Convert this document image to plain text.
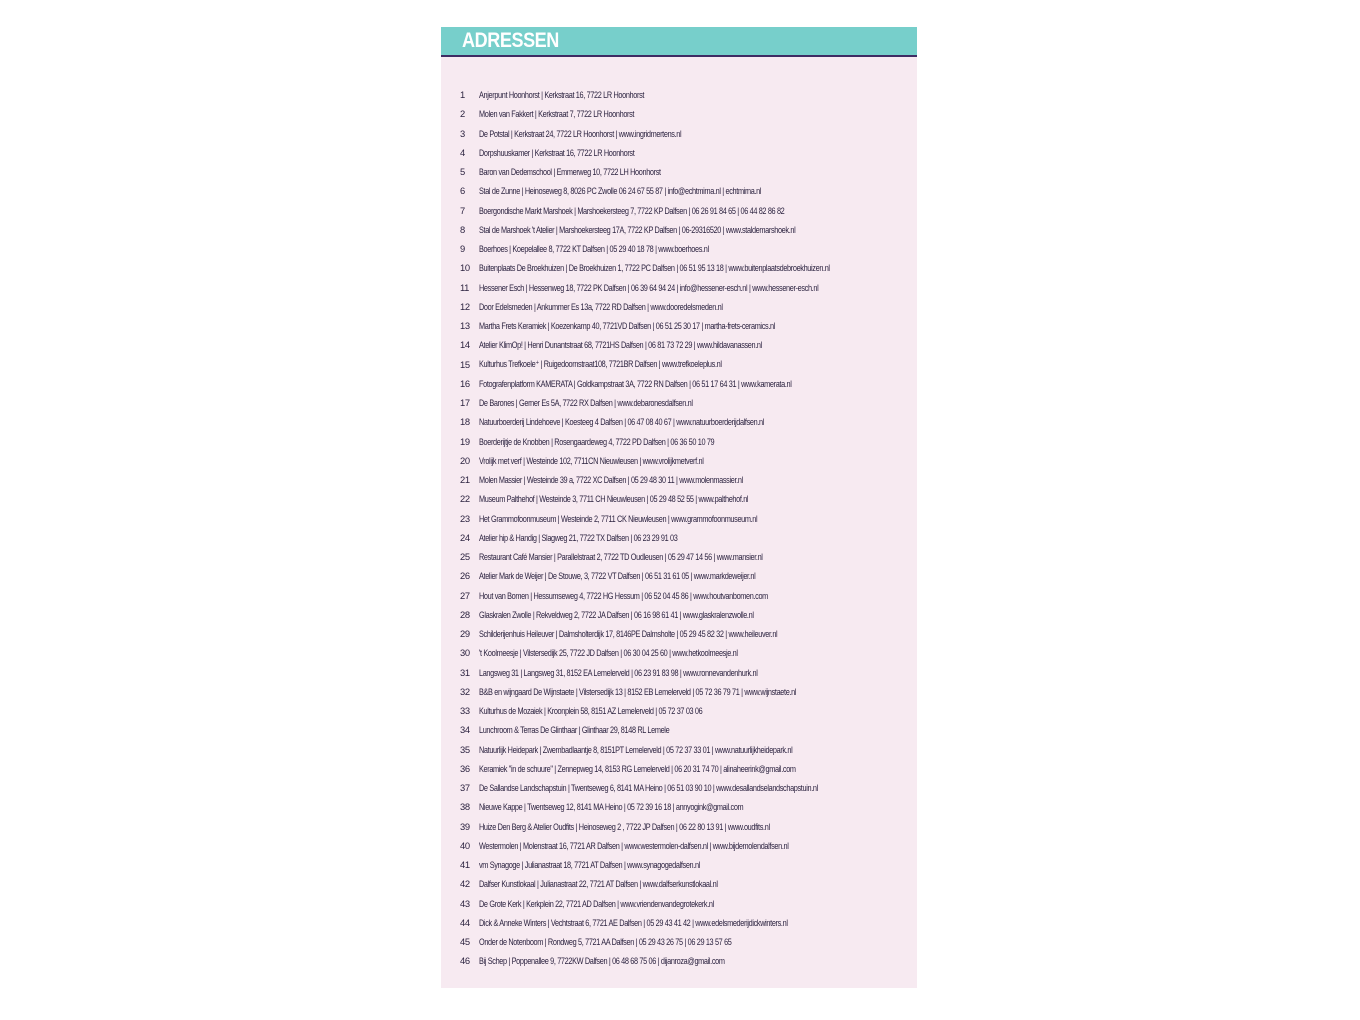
ADRESSEN
1	Anjerpunt Hoonhorst | Kerkstraat 16, 7722 LR Hoonhorst
2	Molen van Fakkert | Kerkstraat 7, 7722 LR Hoonhorst
3	De Potstal | Kerkstraat 24, 7722 LR Hoonhorst | www.ingridmertens.nl
4	Dorpshuuskamer | Kerkstraat 16, 7722 LR Hoonhorst
5	Baron van Dedemschool | Emmerweg 10, 7722 LH Hoonhorst
6	Stal de Zunne | Heinoseweg 8, 8026 PC Zwolle 06 24 67 55 87 | info@echtmirna.nl | echtmirna.nl
7	Boergondische Markt Marshoek | Marshoekersteeg 7, 7722 KP Dalfsen | 06 26 91 84 65 | 06 44 82 86 82
8	Stal de Marshoek 't Atelier | Marshoekersteeg 17A, 7722 KP Dalfsen | 06-29316520 | www.staldemarshoek.nl
9	Boerhoes | Koepelallee 8, 7722 KT Dalfsen | 05 29 40 18 78 | www.boerhoes.nl
10 Buitenplaats De Broekhuizen | De Broekhuizen 1, 7722 PC Dalfsen | 06 51 95 13 18 | www.buitenplaatsdebroekhuizen.nl
11	Hessener Esch | Hessenweg 18, 7722 PK Dalfsen | 06 39 64 94 24 | info@hessener-esch.nl | www.hessener-esch.nl
12 Door Edelsmeden | Ankummer Es 13a, 7722 RD Dalfsen | www.dooredelsmeden.nl
13 Martha Frets Keramiek | Koezenkamp 40, 7721VD Dalfsen | 06 51 25 30 17 | martha-frets-ceramics.nl
14 Atelier KlimOp! | Henri Dunantstraat 68, 7721HS Dalfsen | 06 81 73 72 29 | www.hildavanassen.nl
15 Kulturhus Trefkoele⁺ | Ruigedoornstraat108, 7721BR Dalfsen | www.trefkoeleplus.nl
16 Fotografenplatform KAMERATA | Goldkampstraat 3A, 7722 RN Dalfsen | 06 51 17 64 31 | www.kamerata.nl
17 De Barones | Gerner Es 5A, 7722 RX Dalfsen | www.debaronesdalfsen.nl
18 Natuurboerderij Lindehoeve | Koesteeg 4 Dalfsen | 06 47 08 40 67 | www.natuurboerderijdalfsen.nl
19 Boerderijtje de Knobben | Rosengaardeweg 4, 7722 PD Dalfsen | 06 36 50 10 79
20 Vrolijk met verf | Westeinde 102, 7711CN Nieuwleusen | www.vrolijkmetverf.nl
21 Molen Massier | Westeinde 39 a, 7722 XC Dalfsen | 05 29 48 30 11 | www.molenmassier.nl
22 Museum Palthehof | Westeinde 3, 7711 CH Nieuwleusen | 05 29 48 52 55 | www.palthehof.nl
23 Het Grammofoonmuseum | Westeinde 2, 7711 CK Nieuwleusen | www.grammofoonmuseum.nl
24 Atelier hip & Handig | Slagweg 21, 7722 TX Dalfsen | 06 23 29 91 03
25 Restaurant Café Mansier | Parallelstraat 2, 7722 TD Oudleusen | 05 29 47 14 56 | www.mansier.nl
26 Atelier Mark de Weijer | De Stouwe, 3, 7722 VT Dalfsen | 06 51 31 61 05 | www.markdeweijer.nl
27 Hout van Bomen | Hessumseweg 4, 7722 HG Hessum | 06 52 04 45 86 | www.houtvanbomen.com
28 Glaskralen Zwolle | Rekveldweg 2, 7722 JA Dalfsen | 06 16 98 61 41 | www.glaskralenzwolle.nl
29 Schilderijenhuis Heileuver | Dalmsholterdijk 17, 8146PE Dalmsholte | 05 29 45 82 32 | www.heileuver.nl
30 't Koolmeesje | Vilstersedijk 25, 7722 JD Dalfsen | 06 30 04 25 60 | www.hetkoolmeesje.nl
31 Langsweg 31 | Langsweg 31, 8152 EA Lemelerveld | 06 23 91 83 98 | www.ronnevandenhurk.nl
32 B&B en wijngaard De Wijnstaete | Vilstersedijk 13 | 8152 EB Lemelerveld | 05 72 36 79 71 | www.wijnstaete.nl
33 Kulturhus de Mozaiek | Kroonplein 58, 8151 AZ Lemelerveld | 05 72 37 03 06
34 Lunchroom & Terras De Glinthaar | Glinthaar 29, 8148 RL Lemele
35 Natuurlijk Heidepark | Zwembadlaantje 8, 8151PT Lemelerveld | 05 72 37 33 01 | www.natuurlijkheidepark.nl
36 Keramiek "in de schuure" | Zennepweg 14, 8153 RG Lemelerveld | 06 20 31 74 70 | alinaheerink@gmail.com
37 De Sallandse Landschapstuin | Twentseweg 6, 8141 MA Heino | 06 51 03 90 10 | www.desallandselandschapstuin.nl
38 Nieuwe Kappe | Twentseweg 12, 8141 MA Heino | 05 72 39 16 18 | annyogink@gmail.com
39 Huize Den Berg & Atelier Oudfits | Heinoseweg 2 , 7722 JP Dalfsen | 06 22 80 13 91 | www.oudfits.nl
40 Westermolen | Molenstraat 16, 7721 AR Dalfsen | www.westermolen-dalfsen.nl | www.bijdemolendalfsen.nl
41 vm Synagoge | Julianastraat 18, 7721 AT Dalfsen | www.synagogedalfsen.nl
42 Dalfser Kunstlokaal | Julianastraat 22, 7721 AT Dalfsen | www.dalfserkunstlokaal.nl
43 De Grote Kerk | Kerkplein 22, 7721 AD Dalfsen | www.vriendenvandegrotekerk.nl
44 Dick & Anneke Winters | Vechtstraat 6, 7721 AE Dalfsen | 05 29 43 41 42 | www.edelsmederijdickwinters.nl
45 Onder de Notenboom | Rondweg 5, 7721 AA Dalfsen | 05 29 43 26 75 | 06 29 13 57 65
46 Bij Schep | Poppenallee 9, 7722KW Dalfsen | 06 48 68 75 06 | dijanroza@gmail.com
